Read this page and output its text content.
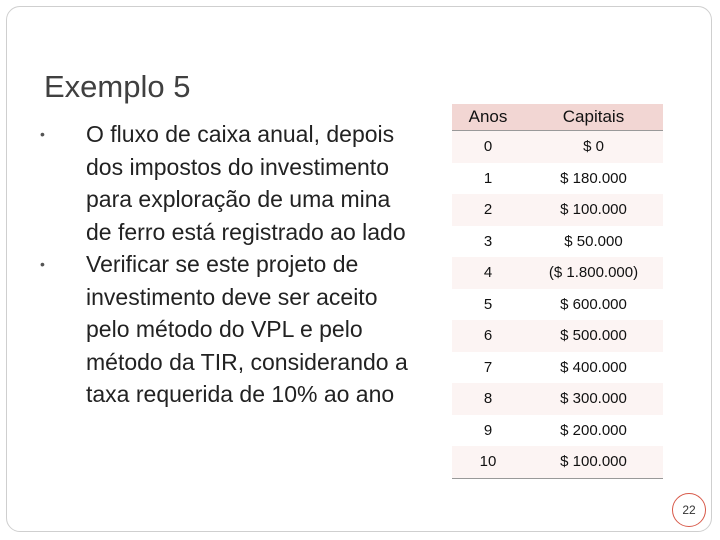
Exemplo 5
• O fluxo de caixa anual, depois dos impostos do investimento para exploração de uma mina de ferro está registrado ao lado
• Verificar se este projeto de investimento deve ser aceito pelo método do VPL e pelo método da TIR, considerando a taxa requerida de 10% ao ano
Anos	Capitais
0	$ 0
1	$ 180.000
2	$ 100.000
3	$ 50.000
4	($ 1.800.000)
5	$ 600.000
6	$ 500.000
7	$ 400.000
8	$ 300.000
9	$ 200.000
10	$ 100.000
22
